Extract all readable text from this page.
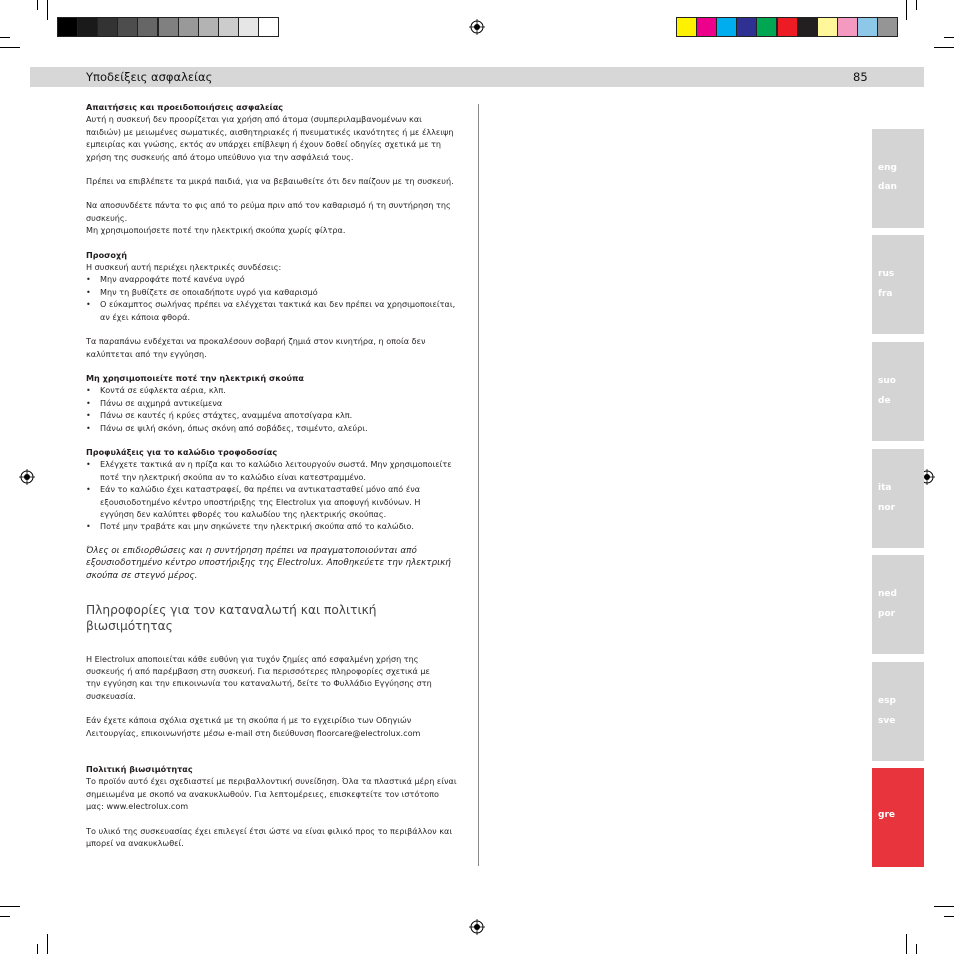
Υποδείξεις ασφαλείας	85

Απαιτήσεις και προειδοποιήσεις ασφαλείας

Αυτή η συσκευή δεν προορίζεται για χρήση από άτομα (συμπεριλαμβανομένων και

παιδιών) με μειωμένες σωματικές, αισθητηριακές ή πνευματικές ικανότητες ή με έλλειψη

εμπειρίας και γνώσης, εκτός αν υπάρχει επίβλεψη ή έχουν δοθεί οδηγίες σχετικά με τη

χρήση της συσκευής από άτομο υπεύθυνο για την ασφάλειά τους.

Πρέπει να επιβλέπετε τα μικρά παιδιά, για να βεβαιωθείτε ότι δεν παίζουν με τη συσκευή.

Να αποσυνδέετε πάντα το φις από το ρεύμα πριν από τον καθαρισμό ή τη συντήρηση της

συσκευής.

Μη χρησιμοποιήσετε ποτέ την ηλεκτρική σκούπα χωρίς φίλτρα.

Προσοχή

Η συσκευή αυτή περιέχει ηλεκτρικές συνδέσεις:

• Μην αναρροφάτε ποτέ κανένα υγρό

• Μην τη βυθίζετε σε οποιαδήποτε υγρό για καθαρισμό

• Ο εύκαμπτος σωλήνας πρέπει να ελέγχεται τακτικά και δεν πρέπει να χρησιμοποιείται,

αν έχει κάποια φθορά.

Τα παραπάνω ενδέχεται να προκαλέσουν σοβαρή ζημιά στον κινητήρα, η οποία δεν

καλύπτεται από την εγγύηση.

Μη χρησιμοποιείτε ποτέ την ηλεκτρική σκούπα

• Κοντά σε εύφλεκτα αέρια, κλπ.

• Πάνω σε αιχμηρά αντικείμενα

• Πάνω σε καυτές ή κρύες στάχτες, αναμμένα αποτσίγαρα κλπ.

• Πάνω σε ψιλή σκόνη, όπως σκόνη από σοβάδες, τσιμέντο, αλεύρι.

Προφυλάξεις για το καλώδιο τροφοδοσίας

• Ελέγχετε τακτικά αν η πρίζα και το καλώδιο λειτουργούν σωστά. Μην χρησιμοποιείτε

ποτέ την ηλεκτρική σκούπα αν το καλώδιο είναι κατεστραμμένο.

• Εάν το καλώδιο έχει καταστραφεί, θα πρέπει να αντικατασταθεί μόνο από ένα

εξουσιοδοτημένο κέντρο υποστήριξης της Electrolux για αποφυγή κινδύνων. Η

εγγύηση δεν καλύπτει φθορές του καλωδίου της ηλεκτρικής σκούπας.

• Ποτέ μην τραβάτε και μην σηκώνετε την ηλεκτρική σκούπα από το καλώδιο.

Όλες οι επιδιορθώσεις και η συντήρηση πρέπει να πραγματοποιούνται από

εξουσιοδοτημένο κέντρο υποστήριξης της Electrolux. Αποθηκεύετε την ηλεκτρική

σκούπα σε στεγνό μέρος.

Πληροφορίες για τον καταναλωτή και πολιτική βιωσιμότητας

Η Electrolux αποποιείται κάθε ευθύνη για τυχόν ζημίες από εσφαλμένη χρήση της

συσκευής ή από παρέμβαση στη συσκευή. Για περισσότερες πληροφορίες σχετικά με

την εγγύηση και την επικοινωνία του καταναλωτή, δείτε το Φυλλάδιο Εγγύησης στη

συσκευασία.

Εάν έχετε κάποια σχόλια σχετικά με τη σκούπα ή με το εγχειρίδιο των Οδηγιών

Λειτουργίας, επικοινωνήστε μέσω e-mail στη διεύθυνση floorcare@electrolux.com

Πολιτική βιωσιμότητας

Το προϊόν αυτό έχει σχεδιαστεί με περιβαλλοντική συνείδηση. Όλα τα πλαστικά μέρη είναι

σημειωμένα με σκοπό να ανακυκλωθούν. Για λεπτομέρειες, επισκεφτείτε τον ιστότοπο

μας: www.electrolux.com

Το υλικό της συσκευασίας έχει επιλεγεί έτσι ώστε να είναι φιλικό προς το περιβάλλον και

μπορεί να ανακυκλωθεί.

eng
dan
rus
fra
suo
de
ita
nor
ned
por
esp
sve
gre
